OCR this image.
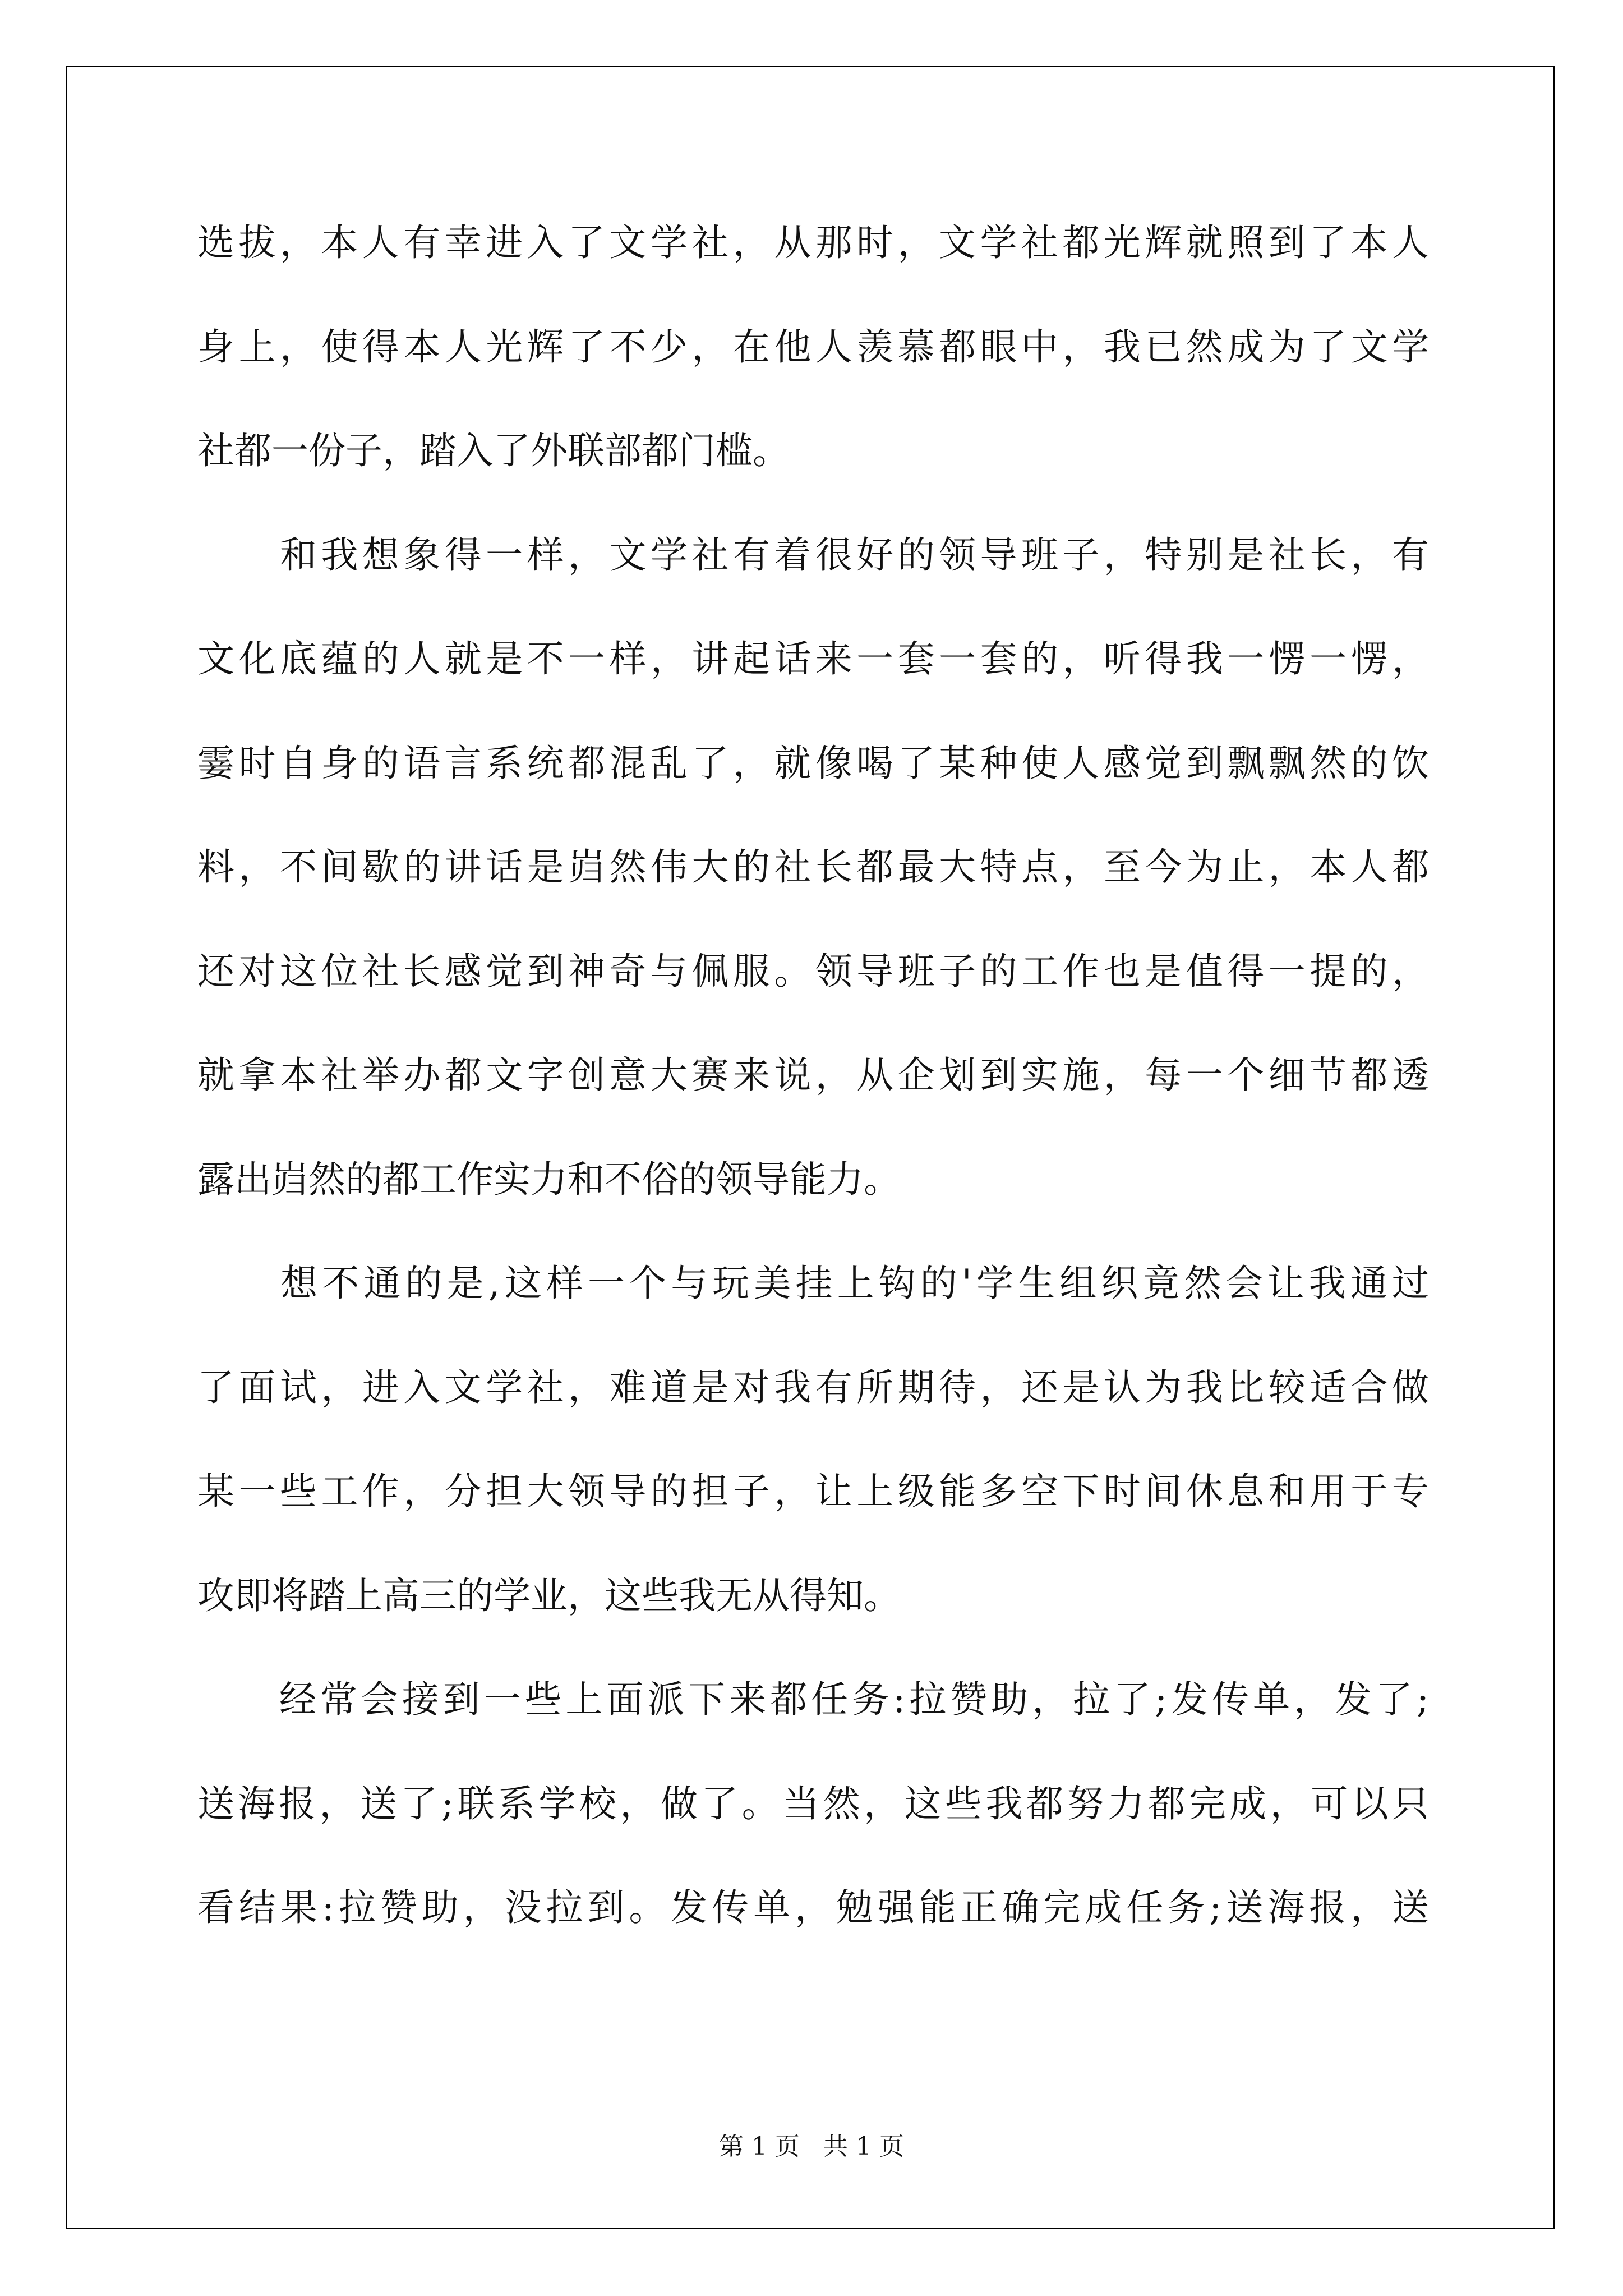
选拔，本人有幸进入了文学社，从那时，文学社都光辉就照到了本人
身上，使得本人光辉了不少，在他人羡慕都眼中，我已然成为了文学
社都一份子，踏入了外联部都门槛。
　　和我想象得一样，文学社有着很好的领导班子，特别是社长，有
文化底蕴的人就是不一样，讲起话来一套一套的，听得我一愣一愣，
霎时自身的语言系统都混乱了，就像喝了某种使人感觉到飘飘然的饮
料，不间歇的讲话是岿然伟大的社长都最大特点，至今为止，本人都
还对这位社长感觉到神奇与佩服。领导班子的工作也是值得一提的，
就拿本社举办都文字创意大赛来说，从企划到实施，每一个细节都透
露出岿然的都工作实力和不俗的领导能力。
　　想不通的是,这样一个与玩美挂上钩的'学生组织竟然会让我通过
了面试，进入文学社，难道是对我有所期待，还是认为我比较适合做
某一些工作，分担大领导的担子，让上级能多空下时间休息和用于专
攻即将踏上高三的学业，这些我无从得知。
　　经常会接到一些上面派下来都任务:拉赞助，拉了;发传单，发了;
送海报，送了;联系学校，做了。当然，这些我都努力都完成，可以只
看结果:拉赞助，没拉到。发传单，勉强能正确完成任务;送海报，送
第 1 页 共 1 页
